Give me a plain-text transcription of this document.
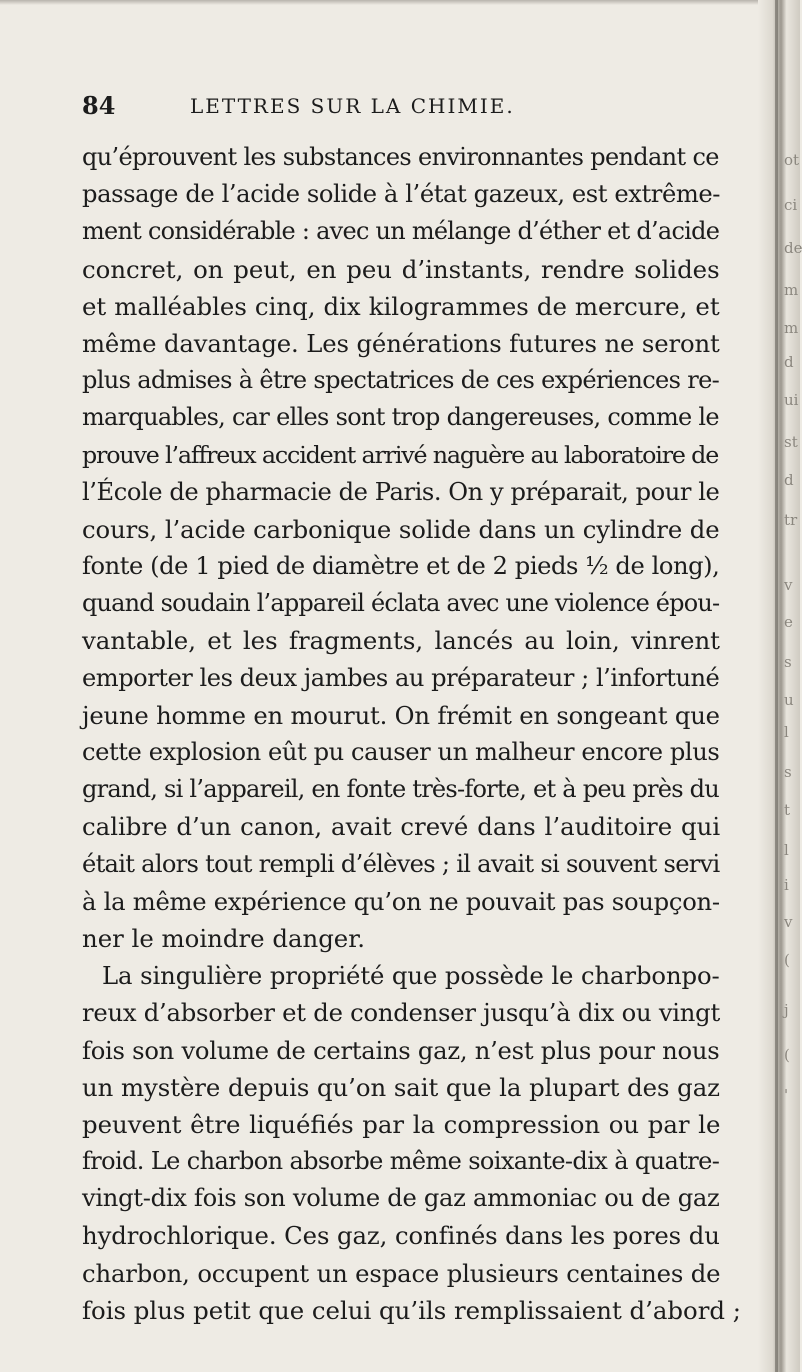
84	LETTRES SUR LA CHIMIE.
qu’éprouvent les substances environnantes pendant ce
passage de l’acide solide à l’état gazeux, est extrême-
ment considérable : avec un mélange d’éther et d’acide
concret, on peut, en peu d’instants, rendre solides
et malléables cinq, dix kilogrammes de mercure, et
même davantage. Les générations futures ne seront
plus admises à être spectatrices de ces expériences re-
marquables, car elles sont trop dangereuses, comme le
prouve l’affreux accident arrivé naguère au laboratoire de
l’École de pharmacie de Paris. On y préparait, pour le
cours, l’acide carbonique solide dans un cylindre de
fonte (de 1 pied de diamètre et de 2 pieds ½ de long),
quand soudain l’appareil éclata avec une violence épou-
vantable, et les fragments, lancés au loin, vinrent
emporter les deux jambes au préparateur ; l’infortuné
jeune homme en mourut. On frémit en songeant que
cette explosion eût pu causer un malheur encore plus
grand, si l’appareil, en fonte très-forte, et à peu près du
calibre d’un canon, avait crevé dans l’auditoire qui
était alors tout rempli d’élèves ; il avait si souvent servi
à la même expérience qu’on ne pouvait pas soupçon-
ner le moindre danger.
La singulière propriété que possède le charbonpo-
reux d’absorber et de condenser jusqu’à dix ou vingt
fois son volume de certains gaz, n’est plus pour nous
un mystère depuis qu’on sait que la plupart des gaz
peuvent être liquéfiés par la compression ou par le
froid. Le charbon absorbe même soixante-dix à quatre-
vingt-dix fois son volume de gaz ammoniac ou de gaz
hydrochlorique. Ces gaz, confinés dans les pores du
charbon, occupent un espace plusieurs centaines de
fois plus petit que celui qu’ils remplissaient d’abord ;
ot
ci
de
m
m
d
ui
st
d
tr
v
e
s
u
l
s
t
l
i
v
(
j
(
'
